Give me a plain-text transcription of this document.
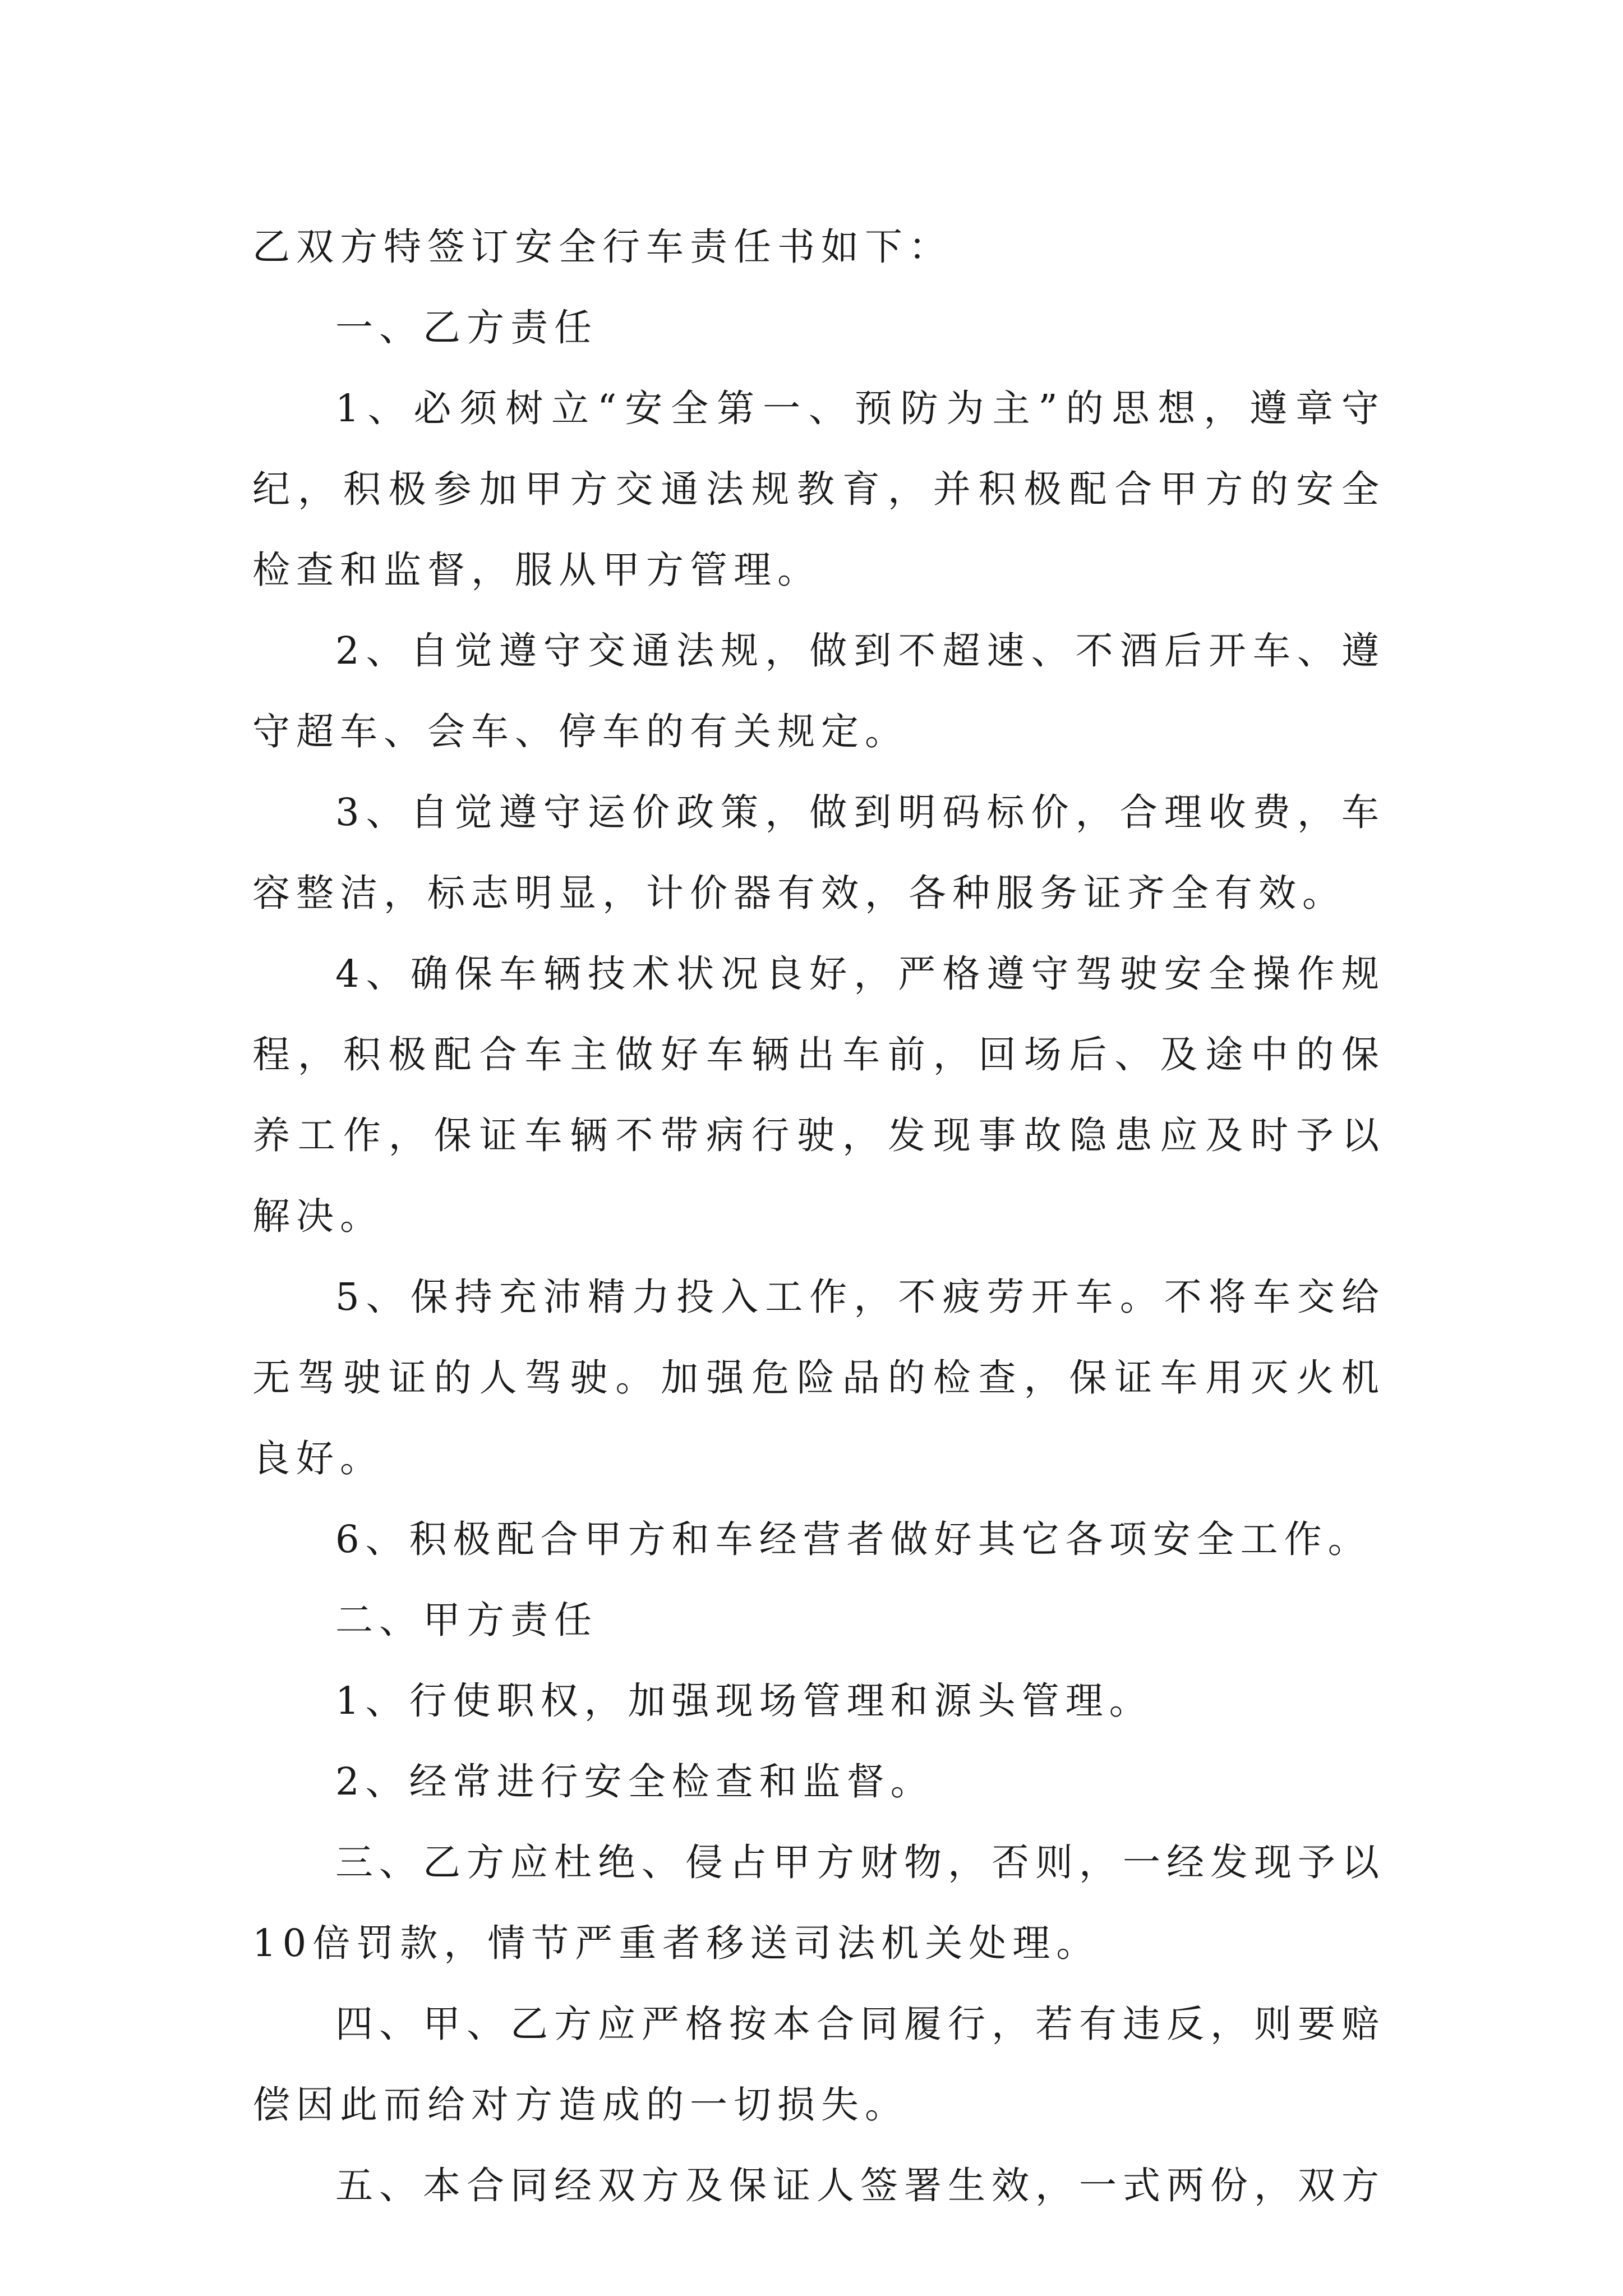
乙双方特签订安全行车责任书如下：

一、乙方责任

1、必须树立“安全第一、预防为主”的思想，遵章守纪，积极参加甲方交通法规教育，并积极配合甲方的安全检查和监督，服从甲方管理。

2、自觉遵守交通法规，做到不超速、不酒后开车、遵守超车、会车、停车的有关规定。

3、自觉遵守运价政策，做到明码标价，合理收费，车容整洁，标志明显，计价器有效，各种服务证齐全有效。

4、确保车辆技术状况良好，严格遵守驾驶安全操作规程，积极配合车主做好车辆出车前，回场后、及途中的保养工作，保证车辆不带病行驶，发现事故隐患应及时予以解决。

5、保持充沛精力投入工作，不疲劳开车。不将车交给无驾驶证的人驾驶。加强危险品的检查，保证车用灭火机良好。

6、积极配合甲方和车经营者做好其它各项安全工作。

二、甲方责任

1、行使职权，加强现场管理和源头管理。

2、经常进行安全检查和监督。

三、乙方应杜绝、侵占甲方财物，否则，一经发现予以10倍罚款，情节严重者移送司法机关处理。

四、甲、乙方应严格按本合同履行，若有违反，则要赔偿因此而给对方造成的一切损失。

五、本合同经双方及保证人签署生效，一式两份，双方
